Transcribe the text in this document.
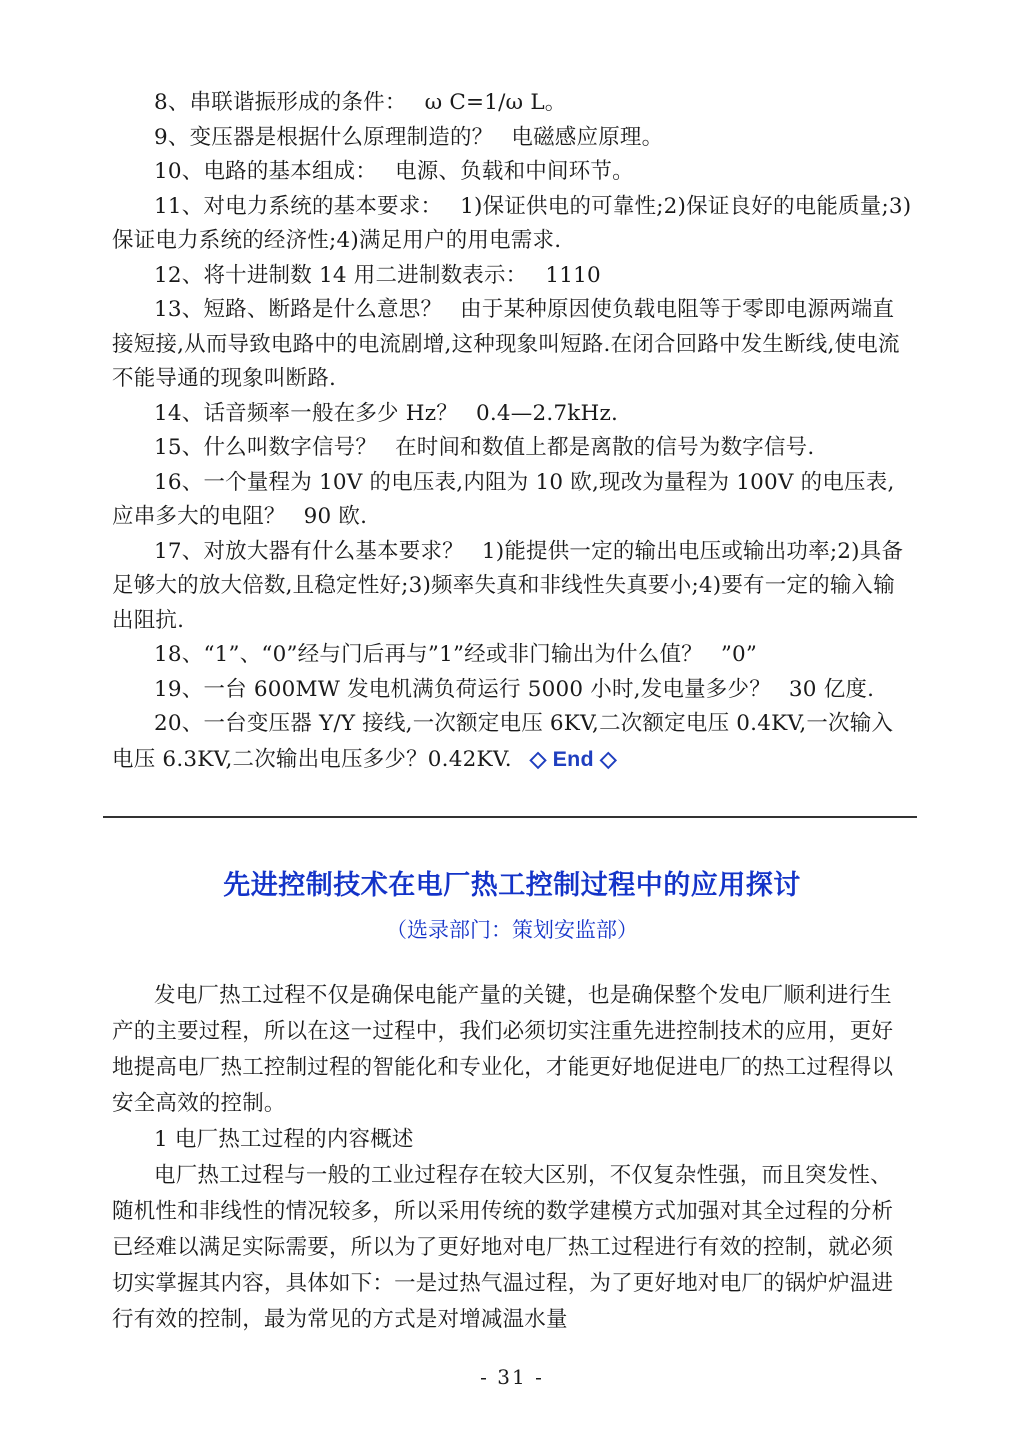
8、串联谐振形成的条件： ω C=1/ω L。

9、变压器是根据什么原理制造的？ 电磁感应原理。

10、电路的基本组成： 电源、负载和中间环节。

11、对电力系统的基本要求： 1)保证供电的可靠性;2)保证良好的电能质量;3)保证电力系统的经济性;4)满足用户的用电需求.

12、将十进制数 14 用二进制数表示： 1110

13、短路、断路是什么意思？ 由于某种原因使负载电阻等于零即电源两端直接短接,从而导致电路中的电流剧增,这种现象叫短路.在闭合回路中发生断线,使电流不能导通的现象叫断路.

14、话音频率一般在多少 Hz？ 0.4—2.7kHz.

15、什么叫数字信号？ 在时间和数值上都是离散的信号为数字信号.

16、一个量程为 10V 的电压表,内阻为 10 欧,现改为量程为 100V 的电压表,应串多大的电阻？ 90 欧.

17、对放大器有什么基本要求？ 1)能提供一定的输出电压或输出功率;2)具备足够大的放大倍数,且稳定性好;3)频率失真和非线性失真要小;4)要有一定的输入输出阻抗.

18、“1”、“0”经与门后再与”1”经或非门输出为什么值？ ”0”

19、一台 600MW 发电机满负荷运行 5000 小时,发电量多少？ 30 亿度.

20、一台变压器 Y/Y 接线,一次额定电压 6KV,二次额定电压 0.4KV,一次输入电压 6.3KV,二次输出电压多少？0.42KV. ◇ End ◇

先进控制技术在电厂热工控制过程中的应用探讨
（选录部门：策划安监部）

发电厂热工过程不仅是确保电能产量的关键，也是确保整个发电厂顺利进行生产的主要过程，所以在这一过程中，我们必须切实注重先进控制技术的应用，更好地提高电厂热工控制过程的智能化和专业化，才能更好地促进电厂的热工过程得以安全高效的控制。

1 电厂热工过程的内容概述

电厂热工过程与一般的工业过程存在较大区别，不仅复杂性强，而且突发性、随机性和非线性的情况较多，所以采用传统的数学建模方式加强对其全过程的分析已经难以满足实际需要，所以为了更好地对电厂热工过程进行有效的控制，就必须切实掌握其内容，具体如下：一是过热气温过程，为了更好地对电厂的锅炉炉温进行有效的控制，最为常见的方式是对增减温水量

- 31 -
